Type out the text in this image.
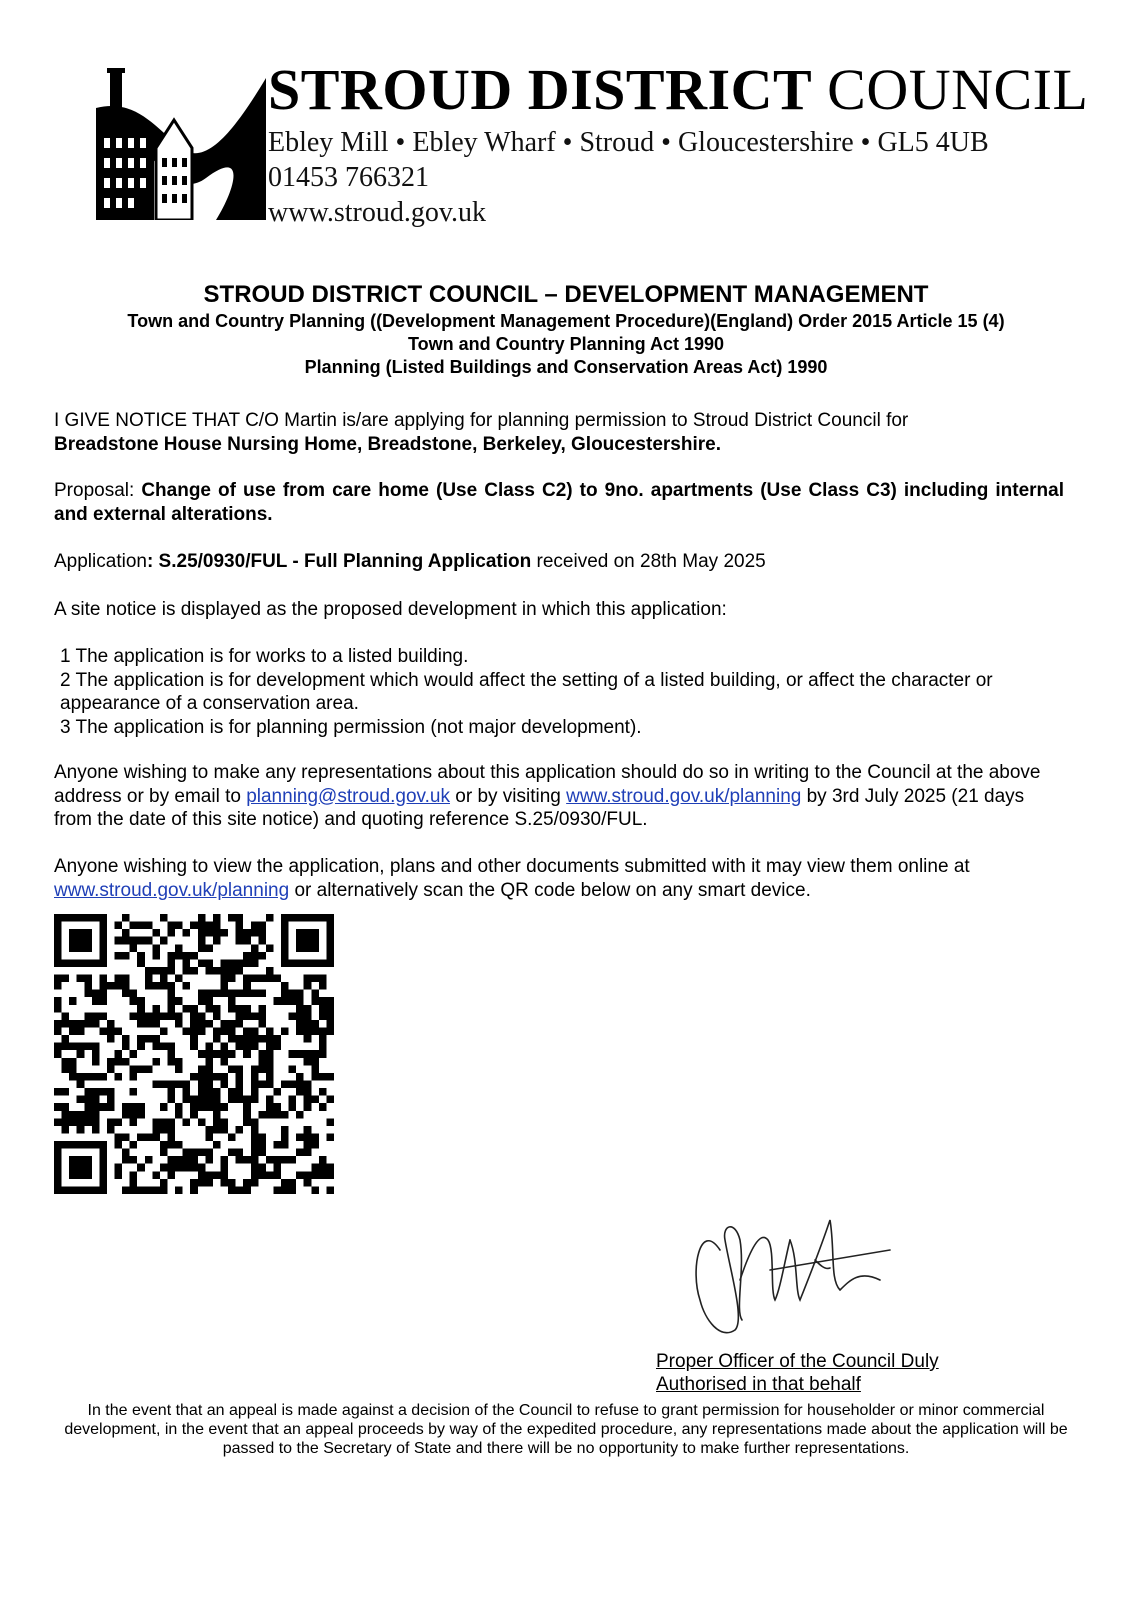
STROUD DISTRICT COUNCIL
Ebley Mill • Ebley Wharf • Stroud • Gloucestershire • GL5 4UB
01453 766321
www.stroud.gov.uk
STROUD DISTRICT COUNCIL – DEVELOPMENT MANAGEMENT
Town and Country Planning ((Development Management Procedure)(England) Order 2015 Article 15 (4)
Town and Country Planning Act 1990
Planning (Listed Buildings and Conservation Areas Act) 1990
I GIVE NOTICE THAT C/O Martin is/are applying for planning permission to Stroud District Council for
Breadstone House Nursing Home, Breadstone, Berkeley, Gloucestershire.
Proposal: Change of use from care home (Use Class C2) to 9no. apartments (Use Class C3) including internal and external alterations.
Application: S.25/0930/FUL - Full Planning Application received on 28th May 2025
A site notice is displayed as the proposed development in which this application:
1 The application is for works to a listed building.
2 The application is for development which would affect the setting of a listed building, or affect the character or appearance of a conservation area.
3 The application is for planning permission (not major development).
Anyone wishing to make any representations about this application should do so in writing to the Council at the above address or by email to planning@stroud.gov.uk or by visiting www.stroud.gov.uk/planning by 3rd July 2025 (21 days from the date of this site notice) and quoting reference S.25/0930/FUL.
Anyone wishing to view the application, plans and other documents submitted with it may view them online at www.stroud.gov.uk/planning or alternatively scan the QR code below on any smart device.
Proper Officer of the Council Duly
Authorised in that behalf
In the event that an appeal is made against a decision of the Council to refuse to grant permission for householder or minor commercial development, in the event that an appeal proceeds by way of the expedited procedure, any representations made about the application will be passed to the Secretary of State and there will be no opportunity to make further representations.
